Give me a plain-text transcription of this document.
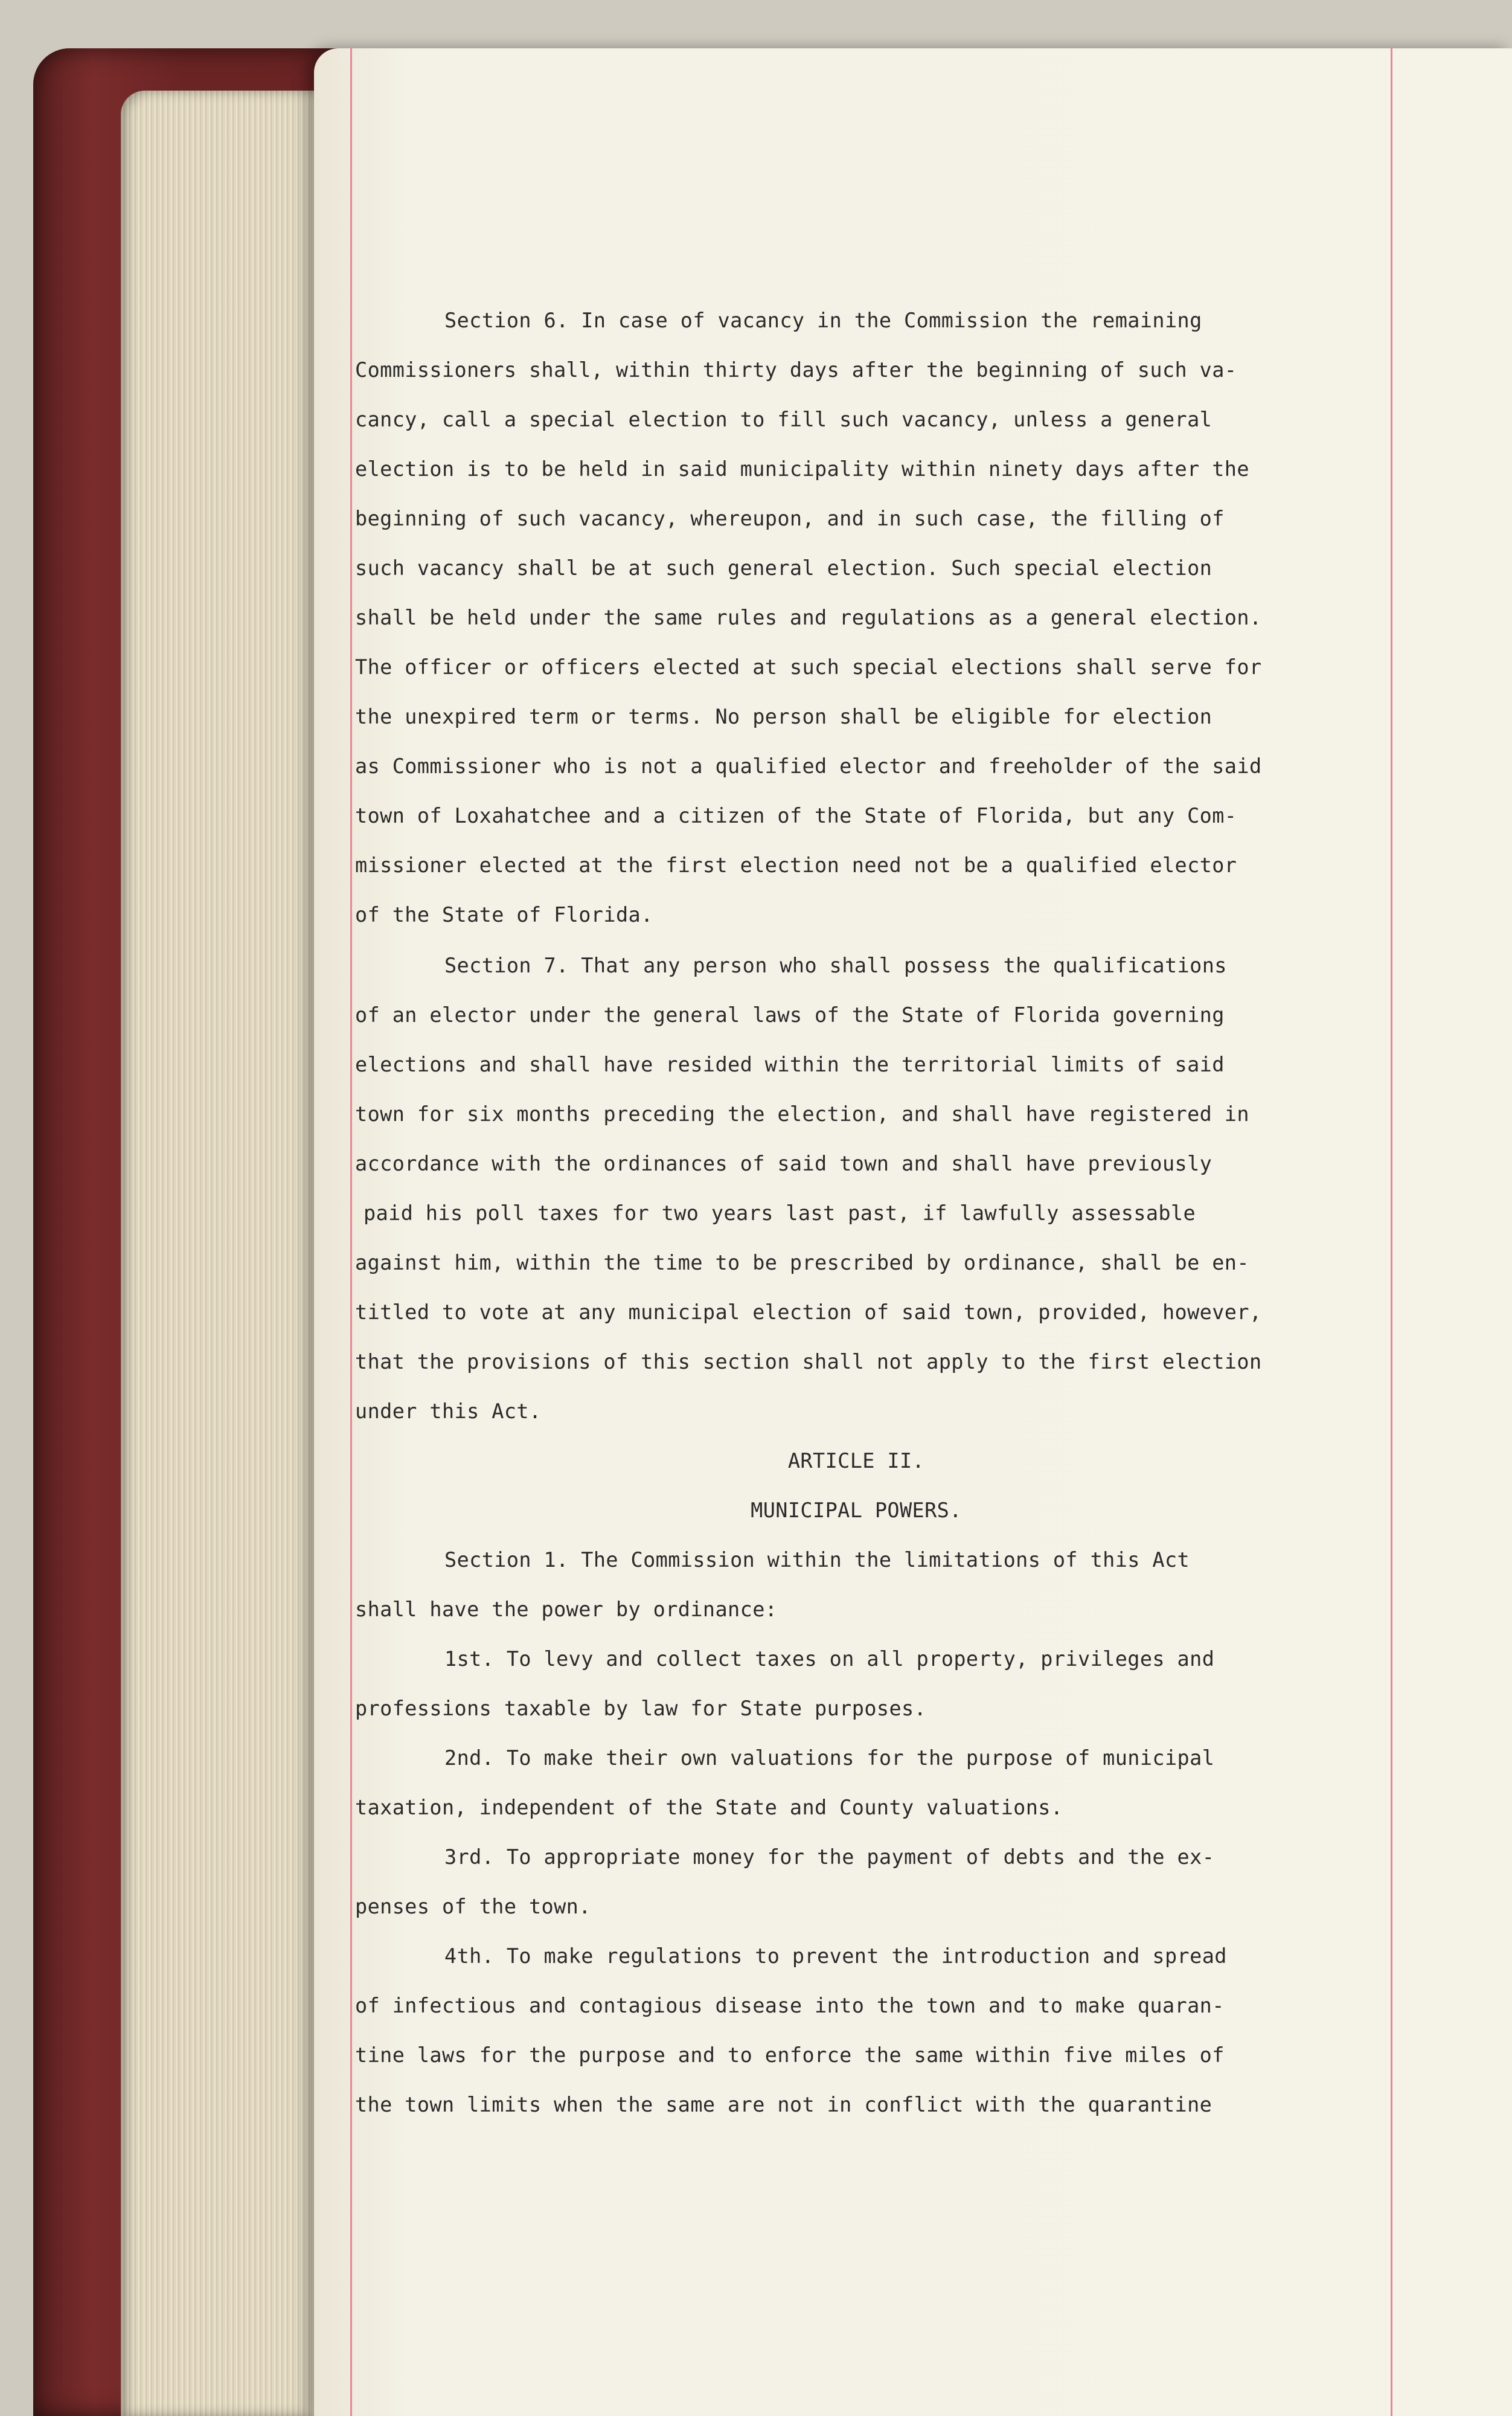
Section 6. In case of vacancy in the Commission the remaining
Commissioners shall, within thirty days after the beginning of such va-
cancy, call a special election to fill such vacancy, unless a general
election is to be held in said municipality within ninety days after the
beginning of such vacancy, whereupon, and in such case, the filling of
such vacancy shall be at such general election. Such special election
shall be held under the same rules and regulations as a general election.
The officer or officers elected at such special elections shall serve for
the unexpired term or terms. No person shall be eligible for election
as Commissioner who is not a qualified elector and freeholder of the said
town of Loxahatchee and a citizen of the State of Florida, but any Com-
missioner elected at the first election need not be a qualified elector
of the State of Florida.
Section 7. That any person who shall possess the qualifications
of an elector under the general laws of the State of Florida governing
elections and shall have resided within the territorial limits of said
town for six months preceding the election, and shall have registered in
accordance with the ordinances of said town and shall have previously
paid his poll taxes for two years last past, if lawfully assessable
against him, within the time to be prescribed by ordinance, shall be en-
titled to vote at any municipal election of said town, provided, however,
that the provisions of this section shall not apply to the first election
under this Act.

ARTICLE II.

MUNICIPAL POWERS.

Section 1. The Commission within the limitations of this Act
shall have the power by ordinance:
1st. To levy and collect taxes on all property, privileges and
professions taxable by law for State purposes.
2nd. To make their own valuations for the purpose of municipal
taxation, independent of the State and County valuations.
3rd. To appropriate money for the payment of debts and the ex-
penses of the town.
4th. To make regulations to prevent the introduction and spread
of infectious and contagious disease into the town and to make quaran-
tine laws for the purpose and to enforce the same within five miles of
the town limits when the same are not in conflict with the quarantine
